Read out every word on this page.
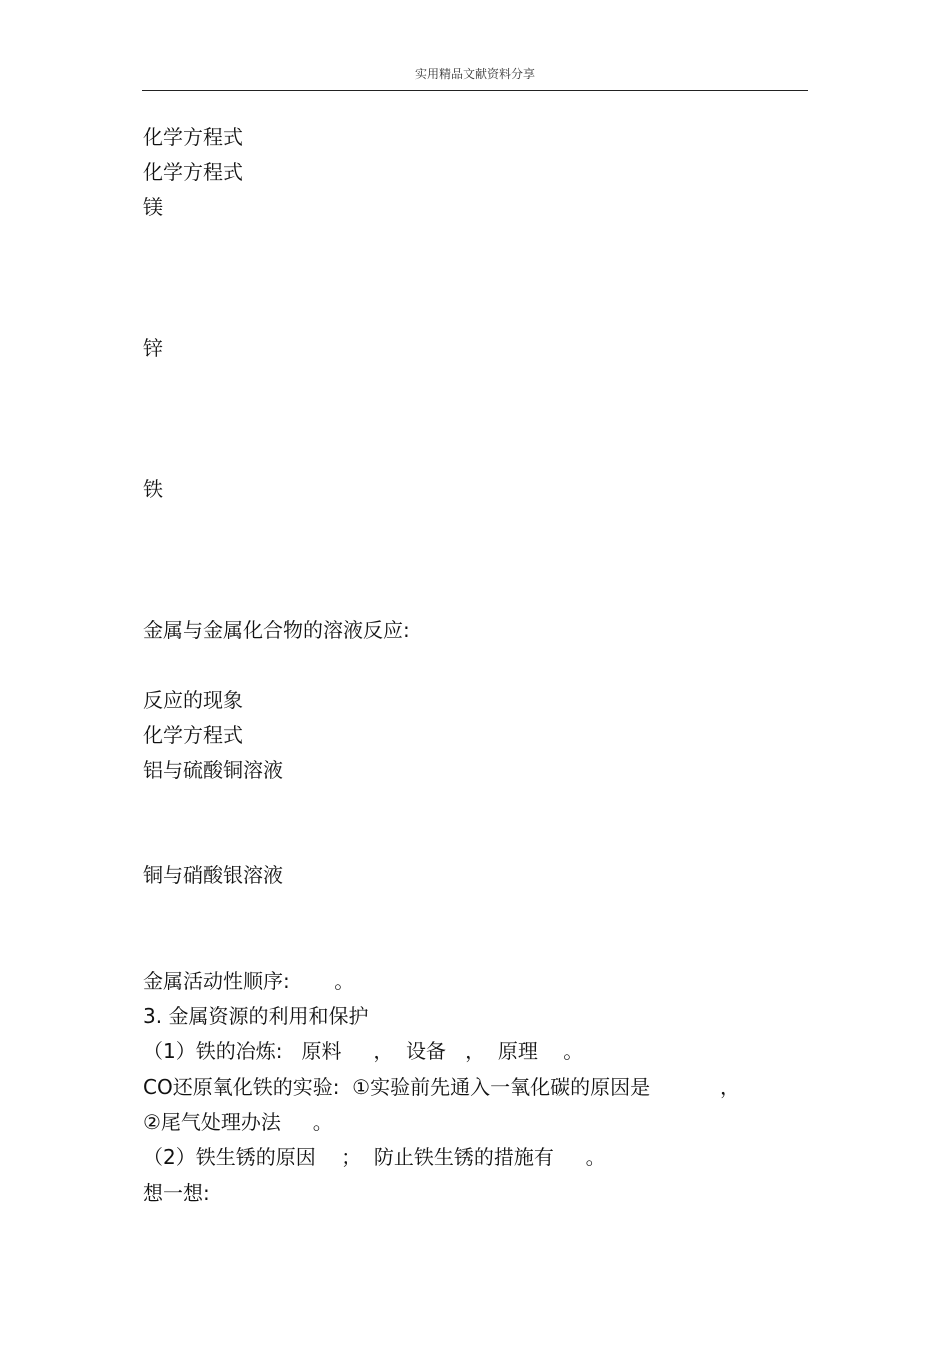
实用精品文献资料分享
化学方程式
化学方程式
镁
锌
铁
金属与金属化合物的溶液反应:
反应的现象
化学方程式
铝与硫酸铜溶液
铜与硝酸银溶液
金属活动性顺序:       。
3. 金属资源的利用和保护
（1）铁的冶炼:   原料     ，  设备   ，  原理    。
CO还原氧化铁的实验:  ①实验前先通入一氧化碳的原因是           ，
②尾气处理办法     。
（2）铁生锈的原因    ；  防止铁生锈的措施有     。
想一想:
